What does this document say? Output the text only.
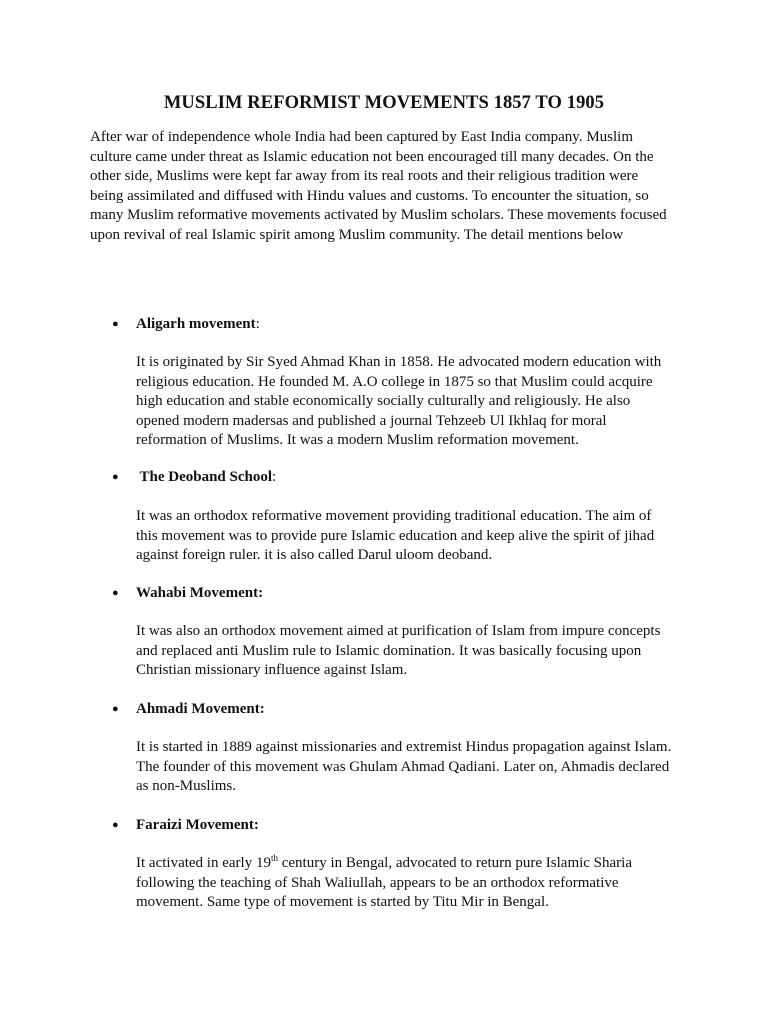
MUSLIM REFORMIST MOVEMENTS 1857 TO 1905
After war of independence whole India had been captured by East India company. Muslim
culture came under threat as Islamic education not been encouraged till many decades. On the
other side, Muslims were kept far away from its real roots and their religious tradition were
being assimilated and diffused with Hindu values and customs. To encounter the situation, so
many Muslim reformative movements activated by Muslim scholars. These movements focused
upon revival of real Islamic spirit among Muslim community. The detail mentions below
● Aligarh movement:
It is originated by Sir Syed Ahmad Khan in 1858. He advocated modern education with
religious education. He founded M. A.O college in 1875 so that Muslim could acquire
high education and stable economically socially culturally and religiously. He also
opened modern madersas and published a journal Tehzeeb Ul Ikhlaq for moral
reformation of Muslims. It was a modern Muslim reformation movement.
● The Deoband School:
It was an orthodox reformative movement providing traditional education. The aim of
this movement was to provide pure Islamic education and keep alive the spirit of jihad
against foreign ruler. it is also called Darul uloom deoband.
● Wahabi Movement:
It was also an orthodox movement aimed at purification of Islam from impure concepts
and replaced anti Muslim rule to Islamic domination. It was basically focusing upon
Christian missionary influence against Islam.
● Ahmadi Movement:
It is started in 1889 against missionaries and extremist Hindus propagation against Islam.
The founder of this movement was Ghulam Ahmad Qadiani. Later on, Ahmadis declared
as non-Muslims.
● Faraizi Movement:
It activated in early 19th century in Bengal, advocated to return pure Islamic Sharia
following the teaching of Shah Waliullah, appears to be an orthodox reformative
movement. Same type of movement is started by Titu Mir in Bengal.
